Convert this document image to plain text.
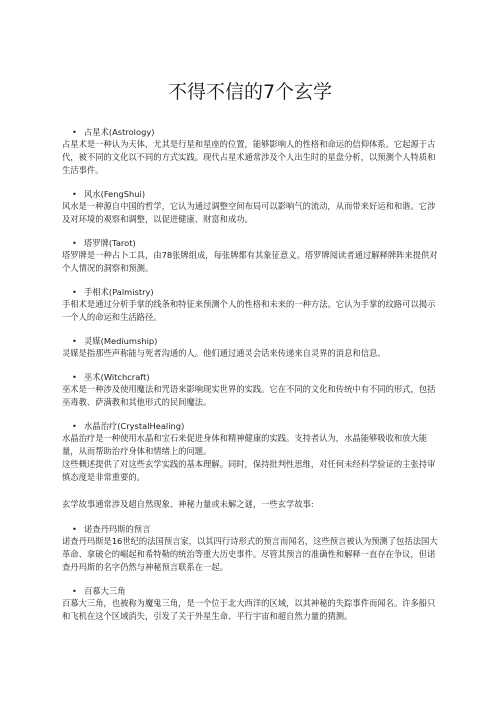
不得不信的7个玄学

• 占星术(Astrology)

占星术是一种认为天体，尤其是行星和星座的位置，能够影响人的性格和命运的信仰体系。它起源于古代，被不同的文化以不同的方式实践。现代占星术通常涉及个人出生时的星盘分析，以预测个人特质和生活事件。

• 风水(FengShui)

风水是一种源自中国的哲学，它认为通过调整空间布局可以影响气的流动，从而带来好运和和谐。它涉及对环境的观察和调整，以促进健康、财富和成功。

• 塔罗牌(Tarot)

塔罗牌是一种占卜工具，由78张牌组成，每张牌都有其象征意义。塔罗牌阅读者通过解释牌阵来提供对个人情况的洞察和预测。

• 手相术(Palmistry)

手相术是通过分析手掌的线条和特征来预测个人的性格和未来的一种方法。它认为手掌的纹路可以揭示一个人的命运和生活路径。

• 灵媒(Mediumship)

灵媒是指那些声称能与死者沟通的人。他们通过通灵会话来传递来自灵界的消息和信息。

• 巫术(Witchcraft)

巫术是一种涉及使用魔法和咒语来影响现实世界的实践。它在不同的文化和传统中有不同的形式，包括巫毒教、萨满教和其他形式的民间魔法。

• 水晶治疗(CrystalHealing)

水晶治疗是一种使用水晶和宝石来促进身体和精神健康的实践。支持者认为，水晶能够吸收和放大能量，从而帮助治疗身体和情绪上的问题。

这些概述提供了对这些玄学实践的基本理解。同时，保持批判性思维，对任何未经科学验证的主张持审慎态度是非常重要的。

玄学故事通常涉及超自然现象、神秘力量或未解之谜，一些玄学故事:

• 诺查丹玛斯的预言

诺查丹玛斯是16世纪的法国预言家，以其四行诗形式的预言而闻名，这些预言被认为预测了包括法国大革命、拿破仑的崛起和希特勒的统治等重大历史事件。尽管其预言的准确性和解释一直存在争议，但诺查丹玛斯的名字仍然与神秘预言联系在一起。

• 百慕大三角

百慕大三角，也被称为魔鬼三角，是一个位于北大西洋的区域，以其神秘的失踪事件而闻名。许多船只和飞机在这个区域消失，引发了关于外星生命、平行宇宙和超自然力量的猜测。
